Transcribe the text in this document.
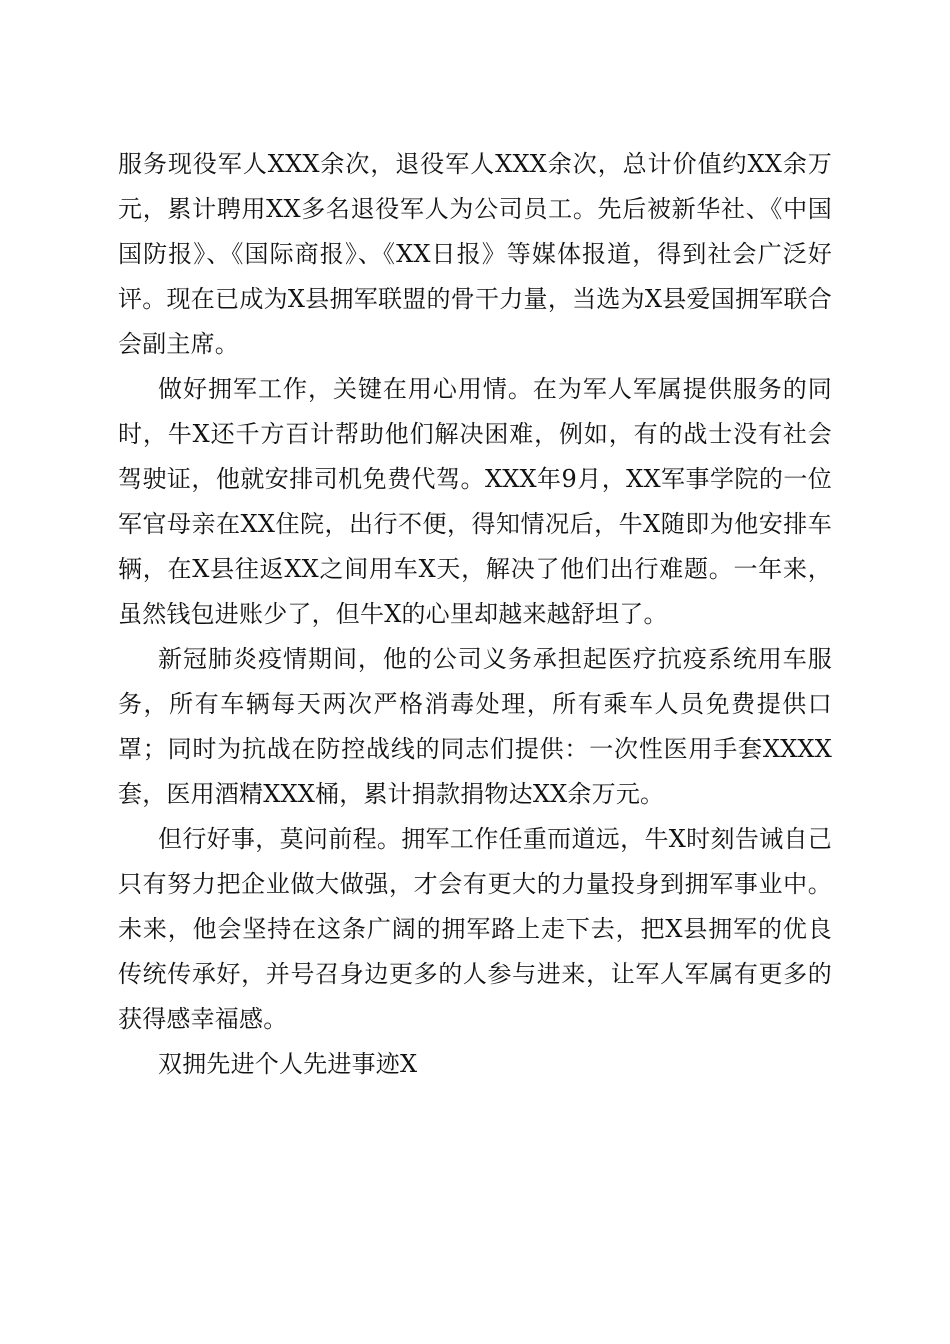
服务现役军人XXX余次，退役军人XXX余次，总计价值约XX余万元，累计聘用XX多名退役军人为公司员工。先后被新华社、《中国国防报》、《国际商报》、《XX日报》等媒体报道，得到社会广泛好评。现在已成为X县拥军联盟的骨干力量，当选为X县爱国拥军联合会副主席。

做好拥军工作，关键在用心用情。在为军人军属提供服务的同时，牛X还千方百计帮助他们解决困难，例如，有的战士没有社会驾驶证，他就安排司机免费代驾。XXX年9月，XX军事学院的一位军官母亲在XX住院，出行不便，得知情况后，牛X随即为他安排车辆，在X县往返XX之间用车X天，解决了他们出行难题。一年来，虽然钱包进账少了，但牛X的心里却越来越舒坦了。

新冠肺炎疫情期间，他的公司义务承担起医疗抗疫系统用车服务，所有车辆每天两次严格消毒处理，所有乘车人员免费提供口罩；同时为抗战在防控战线的同志们提供：一次性医用手套XXXX套，医用酒精XXX桶，累计捐款捐物达XX余万元。

但行好事，莫问前程。拥军工作任重而道远，牛X时刻告诫自己只有努力把企业做大做强，才会有更大的力量投身到拥军事业中。未来，他会坚持在这条广阔的拥军路上走下去，把X县拥军的优良传统传承好，并号召身边更多的人参与进来，让军人军属有更多的获得感幸福感。

双拥先进个人先进事迹X
